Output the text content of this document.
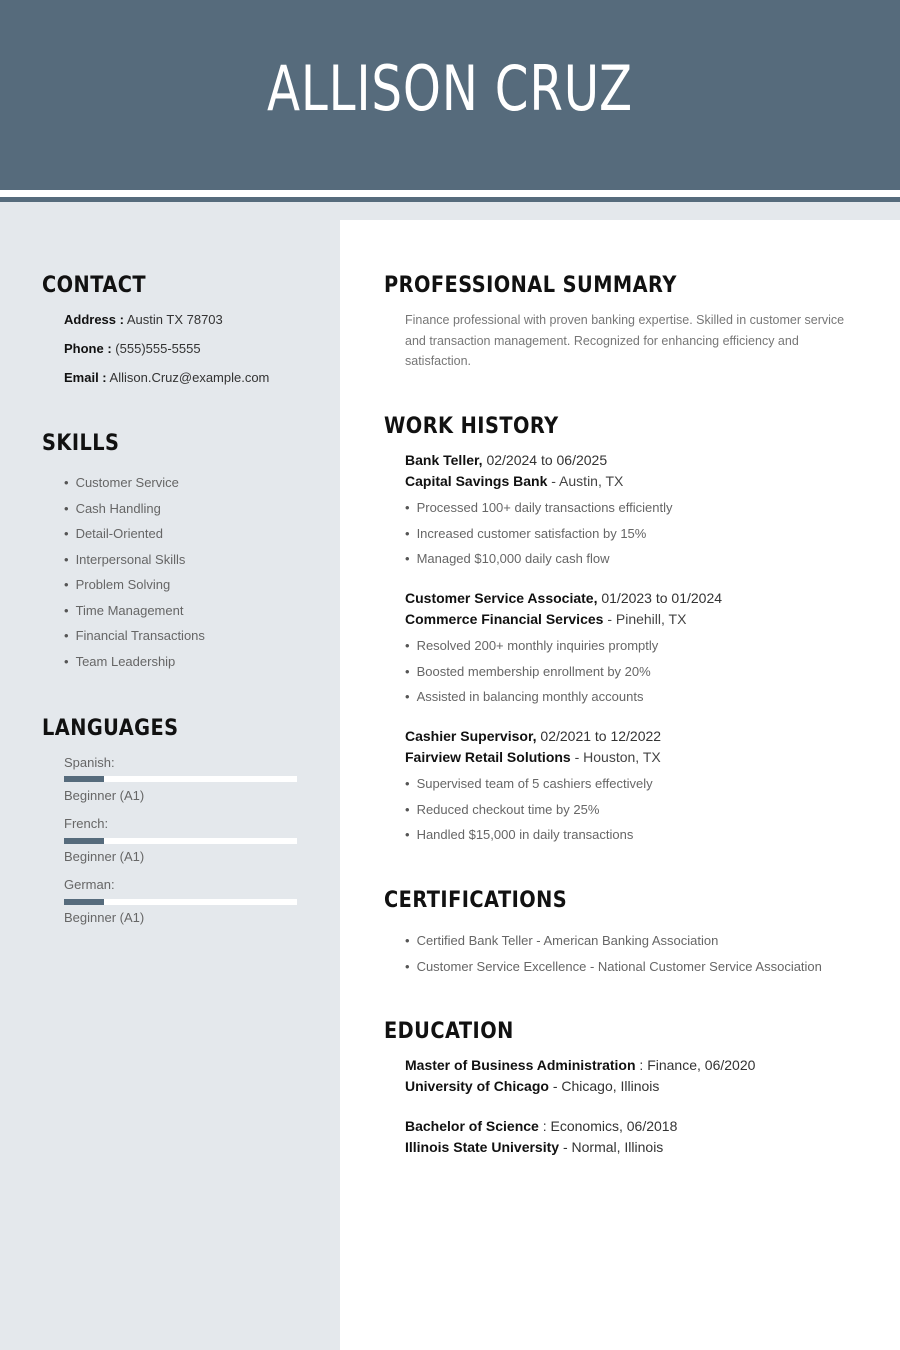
ALLISON CRUZ
CONTACT
Address : Austin TX 78703
Phone : (555)555-5555
Email : Allison.Cruz@example.com
SKILLS
• Customer Service
• Cash Handling
• Detail-Oriented
• Interpersonal Skills
• Problem Solving
• Time Management
• Financial Transactions
• Team Leadership
LANGUAGES
Spanish:
Beginner (A1)
French:
Beginner (A1)
German:
Beginner (A1)
PROFESSIONAL SUMMARY
Finance professional with proven banking expertise. Skilled in customer service and transaction management. Recognized for enhancing efficiency and satisfaction.
WORK HISTORY
Bank Teller, 02/2024 to 06/2025
Capital Savings Bank - Austin, TX
• Processed 100+ daily transactions efficiently
• Increased customer satisfaction by 15%
• Managed $10,000 daily cash flow
Customer Service Associate, 01/2023 to 01/2024
Commerce Financial Services - Pinehill, TX
• Resolved 200+ monthly inquiries promptly
• Boosted membership enrollment by 20%
• Assisted in balancing monthly accounts
Cashier Supervisor, 02/2021 to 12/2022
Fairview Retail Solutions - Houston, TX
• Supervised team of 5 cashiers effectively
• Reduced checkout time by 25%
• Handled $15,000 in daily transactions
CERTIFICATIONS
• Certified Bank Teller - American Banking Association
• Customer Service Excellence - National Customer Service Association
EDUCATION
Master of Business Administration : Finance, 06/2020
University of Chicago - Chicago, Illinois
Bachelor of Science : Economics, 06/2018
Illinois State University - Normal, Illinois
